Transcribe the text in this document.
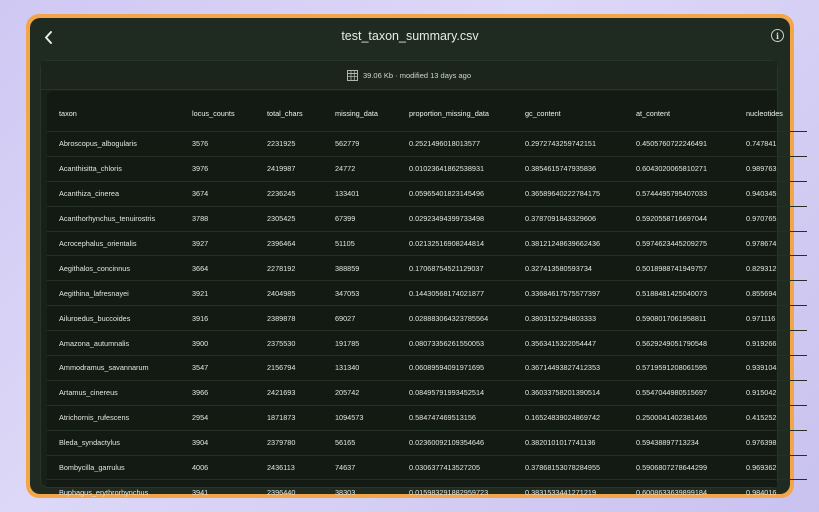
test_taxon_summary.csv	i
39.06 Kb · modified 13 days ago
taxon	locus_counts	total_chars	missing_data	proportion_missing_data	gc_content	at_content	nucleotides
Abroscopus_albogularis	3576	2231925	562779	0.2521496018013577	0.2972743259742151	0.4505760722246491	0.747841
Acanthisitta_chloris	3976	2419987	24772	0.01023641862538931	0.3854615747935836	0.6043020065810271	0.989763
Acanthiza_cinerea	3674	2236245	133401	0.05965401823145496	0.36589640222784175	0.5744495795407033	0.940345
Acanthorhynchus_tenuirostris	3788	2305425	67399	0.02923494399733498	0.3787091843329606	0.5920558716697044	0.970765
Acrocephalus_orientalis	3927	2396464	51105	0.02132516908244814	0.38121248639662436	0.5974623445209275	0.978674
Aegithalos_concinnus	3664	2278192	388859	0.17068754521129037	0.327413580593734	0.5018988741949757	0.829312
Aegithina_lafresnayei	3921	2404985	347053	0.14430568174021877	0.33684617575577397	0.5188481425040073	0.855694
Ailuroedus_buccoides	3916	2389878	69027	0.028883064323785564	0.3803152294803333	0.5908017061958811	0.971116
Amazona_autumnalis	3900	2375530	191785	0.08073356261550053	0.3563415322054447	0.5629249051790548	0.919266
Ammodramus_savannarum	3547	2156794	131340	0.06089594091971695	0.36714493827412353	0.5719591208061595	0.939104
Artamus_cinereus	3966	2421693	205742	0.08495791993452514	0.36033758201390514	0.5547044980515697	0.915042
Atrichornis_rufescens	2954	1871873	1094573	0.584747469513156	0.16524839024869742	0.2500041402381465	0.415252
Bleda_syndactylus	3904	2379780	56165	0.02360092109354646	0.3820101017741136	0.59438897713234	0.976398
Bombycilla_garrulus	4006	2436113	74637	0.0306377413527205	0.37868153078284955	0.5906807278644299	0.969362
Buphagus_erythrorhynchus	3941	2396440	38303	0.015983291882959723	0.3831533441271219	0.6008633639899184	0.984016
